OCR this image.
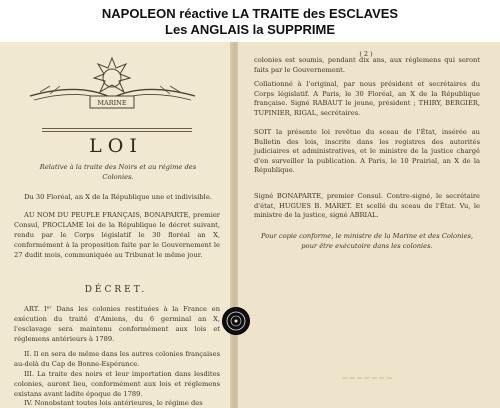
NAPOLEON réactive LA TRAITE des ESCLAVES
Les ANGLAIS la SUPPRIME
MARINE
LOI
Relative à la traite des Noirs et au régime des Colonies.
Du 30 Floréal, an X de la République une et indivisible.
AU NOM DU PEUPLE FRANÇAIS, BONAPARTE, premier Consul, PROCLAME loi de la République le décret suivant, rendu par le Corps législatif le 30 floréal an X, conformément à la proposition faite par le Gouvernement le 27 dudit mois, communiquée au Tribunat le même jour.
DÉCRET.
ART. Iᵉʳ Dans les colonies restituées à la France en exécution du traité d'Amiens, du 6 germinal an X, l'esclavage sera maintenu conformément aux lois et réglemens antérieurs à 1789.
II. Il en sera de même dans les autres colonies françaises au-delà du Cap de Bonne-Espérance.
III. La traite des noirs et leur importation dans lesdites colonies, auront lieu, conformément aux lois et réglemens existans avant ladite époque de 1789.
IV. Nonobstant toutes lois antérieures, le régime des
( 2 )
colonies est soumis, pendant dix ans, aux réglemens qui seront faits par le Gouvernement.
Collationné à l'original, par nous président et secrétaires du Corps législatif. A Paris, le 30 Floréal, an X de la République française. Signé RABAUT le jeune, président ; THIRY, BERGIER, TUPINIER, RIGAL, secrétaires.
SOIT la présente loi revêtue du sceau de l'État, insérée au Bulletin des lois, inscrite dans les registres des autorités judiciaires et administratives, et le ministre de la justice chargé d'en surveiller la publication. A Paris, le 10 Prairial, an X de la République.
Signé BONAPARTE, premier Consul. Contre-signé, le secrétaire d'état, HUGUES B. MARET. Et scellé du sceau de l'État. Vu, le ministre de la justice, signé ABRIAL.
Pour copie conforme, le ministre de la Marine et des Colonies, pour être exécutoire dans les colonies.
▔▔▔▔▔▔▔
